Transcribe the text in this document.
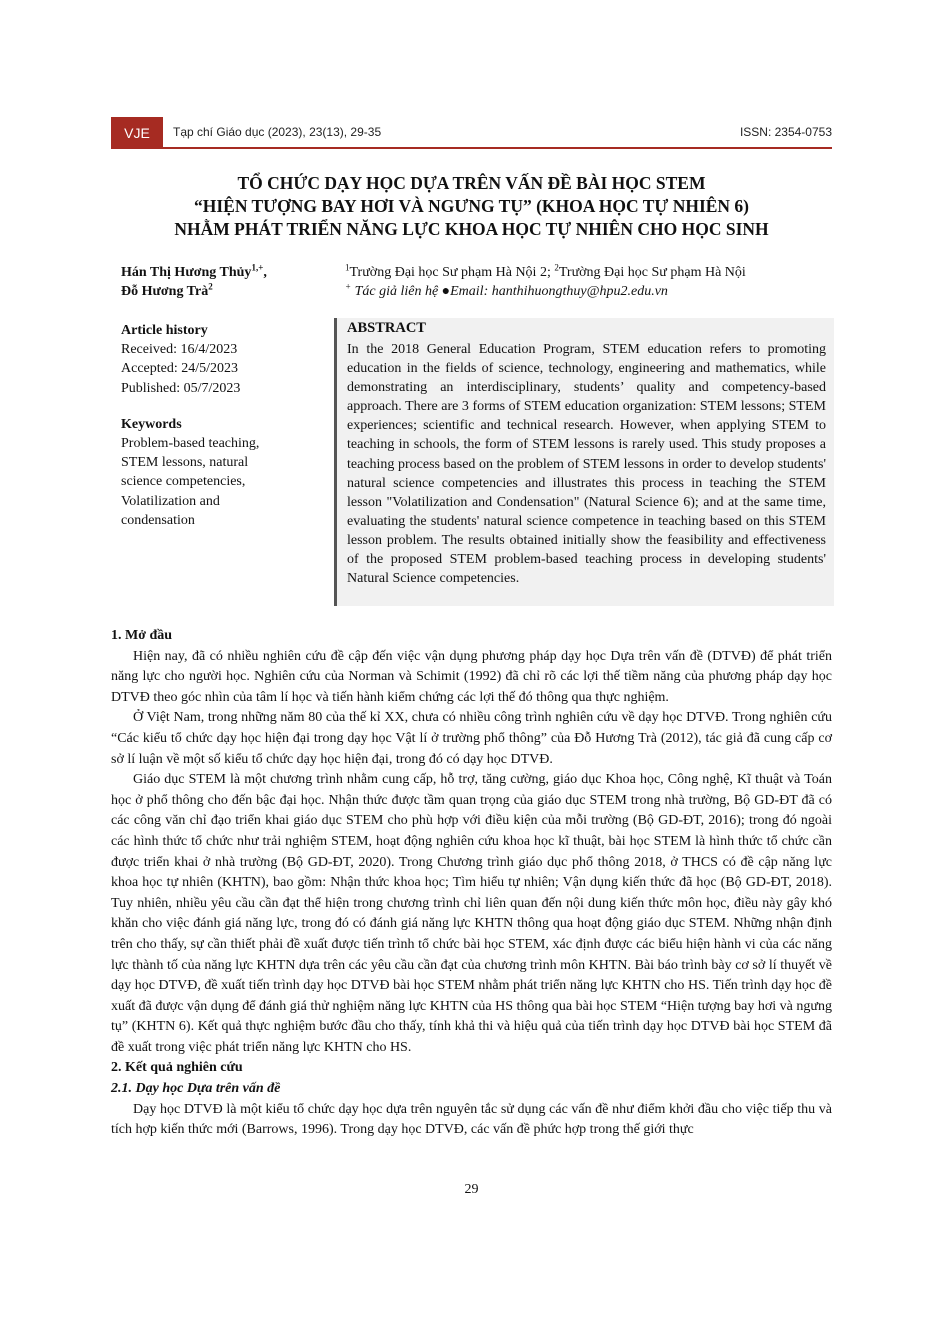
VJE	Tạp chí Giáo dục (2023), 23(13), 29-35	ISSN: 2354-0753
TỔ CHỨC DẠY HỌC DỰA TRÊN VẤN ĐỀ BÀI HỌC STEM
“HIỆN TƯỢNG BAY HƠI VÀ NGƯNG TỤ” (KHOA HỌC TỰ NHIÊN 6)
NHẰM PHÁT TRIỂN NĂNG LỰC KHOA HỌC TỰ NHIÊN CHO HỌC SINH
Hán Thị Hương Thủy$^{1,+}$,
Đỗ Hương Trà$^2$
$^1$Trường Đại học Sư phạm Hà Nội 2; $^2$Trường Đại học Sư phạm Hà Nội
+ Tác giả liên hệ ●Email: hanthihuongthuy@hpu2.edu.vn
Article history
Received: 16/4/2023
Accepted: 24/5/2023
Published: 05/7/2023
Keywords
Problem-based teaching,
STEM lessons, natural
science competencies,
Volatilization and
condensation
ABSTRACT
In the 2018 General Education Program, STEM education refers to promoting education in the fields of science, technology, engineering and mathematics, while demonstrating an interdisciplinary, students’ quality and competency-based approach. There are 3 forms of STEM education organization: STEM lessons; STEM experiences; scientific and technical research. However, when applying STEM to teaching in schools, the form of STEM lessons is rarely used. This study proposes a teaching process based on the problem of STEM lessons in order to develop students' natural science competencies and illustrates this process in teaching the STEM lesson "Volatilization and Condensation" (Natural Science 6); and at the same time, evaluating the students' natural science competence in teaching based on this STEM lesson problem. The results obtained initially show the feasibility and effectiveness of the proposed STEM problem-based teaching process in developing students' Natural Science competencies.
1. Mở đầu

Hiện nay, đã có nhiều nghiên cứu đề cập đến việc vận dụng phương pháp dạy học Dựa trên vấn đề (DTVĐ) để phát triển năng lực cho người học. Nghiên cứu của Norman và Schimit (1992) đã chỉ rõ các lợi thế tiềm năng của phương pháp dạy học DTVĐ theo góc nhìn của tâm lí học và tiến hành kiểm chứng các lợi thế đó thông qua thực nghiệm.

Ở Việt Nam, trong những năm 80 của thế kỉ XX, chưa có nhiều công trình nghiên cứu về dạy học DTVĐ. Trong nghiên cứu “Các kiểu tổ chức dạy học hiện đại trong dạy học Vật lí ở trường phổ thông” của Đỗ Hương Trà (2012), tác giả đã cung cấp cơ sở lí luận về một số kiểu tổ chức dạy học hiện đại, trong đó có dạy học DTVĐ.

Giáo dục STEM là một chương trình nhằm cung cấp, hỗ trợ, tăng cường, giáo dục Khoa học, Công nghệ, Kĩ thuật và Toán học ở phổ thông cho đến bậc đại học. Nhận thức được tầm quan trọng của giáo dục STEM trong nhà trường, Bộ GD-ĐT đã có các công văn chỉ đạo triển khai giáo dục STEM cho phù hợp với điều kiện của mỗi trường (Bộ GD-ĐT, 2016); trong đó ngoài các hình thức tổ chức như trải nghiệm STEM, hoạt động nghiên cứu khoa học kĩ thuật, bài học STEM là hình thức tổ chức cần được triển khai ở nhà trường (Bộ GD-ĐT, 2020). Trong Chương trình giáo dục phổ thông 2018, ở THCS có đề cập năng lực khoa học tự nhiên (KHTN), bao gồm: Nhận thức khoa học; Tìm hiểu tự nhiên; Vận dụng kiến thức đã học (Bộ GD-ĐT, 2018). Tuy nhiên, nhiều yêu cầu cần đạt thể hiện trong chương trình chỉ liên quan đến nội dung kiến thức môn học, điều này gây khó khăn cho việc đánh giá năng lực, trong đó có đánh giá năng lực KHTN thông qua hoạt động giáo dục STEM. Những nhận định trên cho thấy, sự cần thiết phải đề xuất được tiến trình tổ chức bài học STEM, xác định được các biểu hiện hành vi của các năng lực thành tố của năng lực KHTN dựa trên các yêu cầu cần đạt của chương trình môn KHTN. Bài báo trình bày cơ sở lí thuyết về dạy học DTVĐ, đề xuất tiến trình dạy học DTVĐ bài học STEM nhằm phát triển năng lực KHTN cho HS. Tiến trình dạy học đề xuất đã được vận dụng để đánh giá thử nghiệm năng lực KHTN của HS thông qua bài học STEM “Hiện tượng bay hơi và ngưng tụ” (KHTN 6). Kết quả thực nghiệm bước đầu cho thấy, tính khả thi và hiệu quả của tiến trình dạy học DTVĐ bài học STEM đã đề xuất trong việc phát triển năng lực KHTN cho HS.

2. Kết quả nghiên cứu
2.1. Dạy học Dựa trên vấn đề

Dạy học DTVĐ là một kiểu tổ chức dạy học dựa trên nguyên tắc sử dụng các vấn đề như điểm khởi đầu cho việc tiếp thu và tích hợp kiến thức mới (Barrows, 1996). Trong dạy học DTVĐ, các vấn đề phức hợp trong thế giới thực

29
